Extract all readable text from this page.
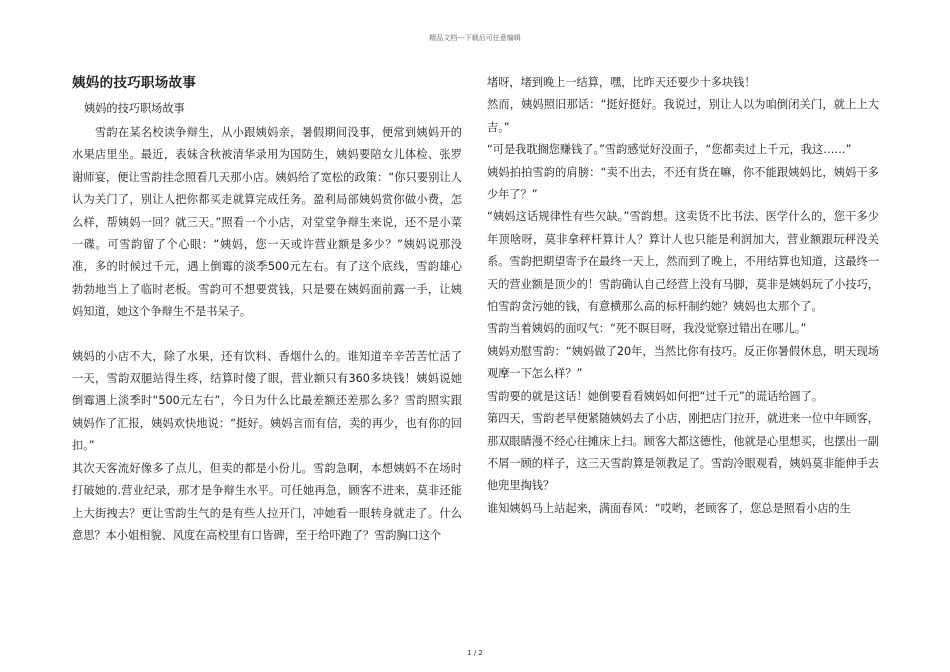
精品文档---下载后可任意编辑
姨妈的技巧职场故事
姨妈的技巧职场故事

　　雪韵在某名校读争辩生，从小跟姨妈亲，暑假期间没事，便常到姨妈开的水果店里坐。最近，表妹含秋被清华录用为国防生，姨妈要陪女儿体检、张罗谢师宴，便让雪韵挂念照看几天那小店。姨妈给了宽松的政策：“你只要别让人认为关门了，别让人把你都买走就算完成任务。盈利局部姨妈赏你做小费，怎么样，帮姨妈一回？就三天。”照看一个小店，对堂堂争辩生来说，还不是小菜一碟。可雪韵留了个心眼：“姨妈，您一天或许营业额是多少？”姨妈说那没准，多的时候过千元，遇上倒霉的淡季500元左右。有了这个底线，雪韵雄心勃勃地当上了临时老板。雪韵可不想要赏钱，只是要在姨妈面前露一手，让姨妈知道，她这个争辩生不是书呆子。

姨妈的小店不大，除了水果，还有饮料、香烟什么的。谁知道辛辛苦苦忙活了一天，雪韵双腿站得生疼，结算时傻了眼，营业额只有360多块钱！姨妈说她倒霉遇上淡季时“500元左右”，今日为什么比最差额还差那么多？雪韵照实跟姨妈作了汇报，姨妈欢快地说：“挺好。姨妈言而有信，卖的再少，也有你的回扣。”

其次天客流好像多了点儿，但卖的都是小份儿。雪韵急啊，本想姨妈不在场时打破她的.营业纪录，那才是争辩生水平。可任她再急，顾客不进来，莫非还能上大街拽去？更让雪韵生气的是有些人拉开门，冲她看一眼转身就走了。什么意思？本小姐相貌、风度在高校里有口皆碑，至于给吓跑了？雪韵胸口这个

堵呀，堵到晚上一结算，嘿，比昨天还要少十多块钱！

然而，姨妈照旧那话：“挺好挺好。我说过，别让人以为咱倒闭关门，就上上大吉。”

“可是我耽搁您赚钱了。”雪韵感觉好没面子，“您都卖过上千元，我这……”

姨妈拍拍雪韵的肩膀：“卖不出去，不还有货在嘛，你不能跟姨妈比，姨妈干多少年了？”

“姨妈这话规律性有些欠缺。”雪韵想。这卖货不比书法、医学什么的，您干多少年顶啥呀，莫非拿秤杆算计人？算计人也只能是利润加大，营业额跟玩秤没关系。雪韵把期望寄予在最终一天上，然而到了晚上，不用结算也知道，这最终一天的营业额是顶少的！雪韵确认自己经营上没有马脚，莫非是姨妈玩了小技巧，怕雪韵贪污她的钱，有意横那么高的标杆制约她？姨妈也太那个了。

雪韵当着姨妈的面叹气：“死不瞑目呀，我没觉察过错出在哪儿。”

姨妈劝慰雪韵：“姨妈做了20年，当然比你有技巧。反正你暑假休息，明天现场观摩一下怎么样？”

雪韵要的就是这话！她倒要看看姨妈如何把“过千元”的谎话给圆了。

第四天，雪韵老早便紧随姨妈去了小店，刚把店门拉开，就进来一位中年顾客，那双眼睛漫不经心往摊床上扫。顾客大都这德性，他就是心里想买，也摆出一副不屑一顾的样子，这三天雪韵算是领教足了。雪韵冷眼观看，姨妈莫非能伸手去他兜里掏钱？

谁知姨妈马上站起来，满面春风：“哎哟，老顾客了，您总是照看小店的生

1 / 2
